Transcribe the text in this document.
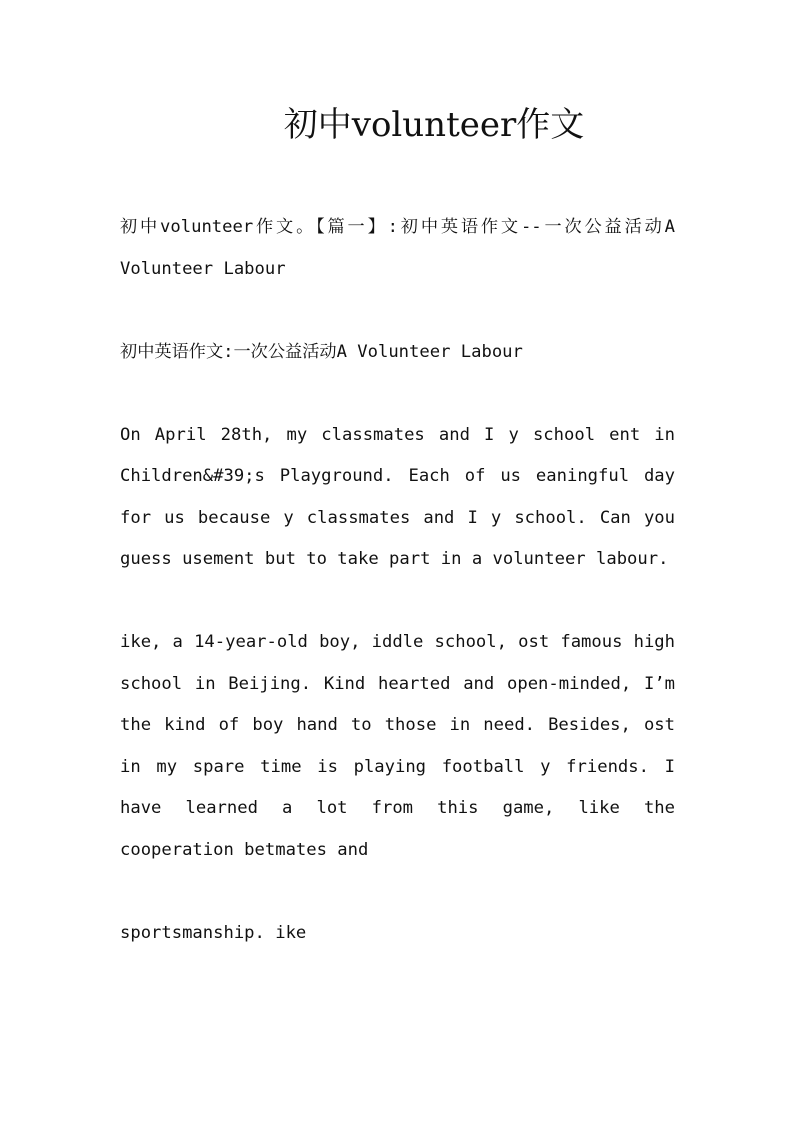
初中volunteer作文

初中volunteer作文。【篇一】:初中英语作文--一次公益活动A Volunteer Labour

初中英语作文:一次公益活动A Volunteer Labour

On April 28th, my classmates and I y school ent in Children&#39;s Playground. Each of us eaningful day for us because y classmates and I y school. Can you guess usement but to take part in a volunteer labour.

ike, a 14-year-old boy, iddle school, ost famous high school in Beijing. Kind hearted and open-minded, I’m the kind of boy hand to those in need. Besides, ost in my spare time is playing football y friends. I have learned a lot from this game, like the cooperation betmates and

sportsmanship. ike
